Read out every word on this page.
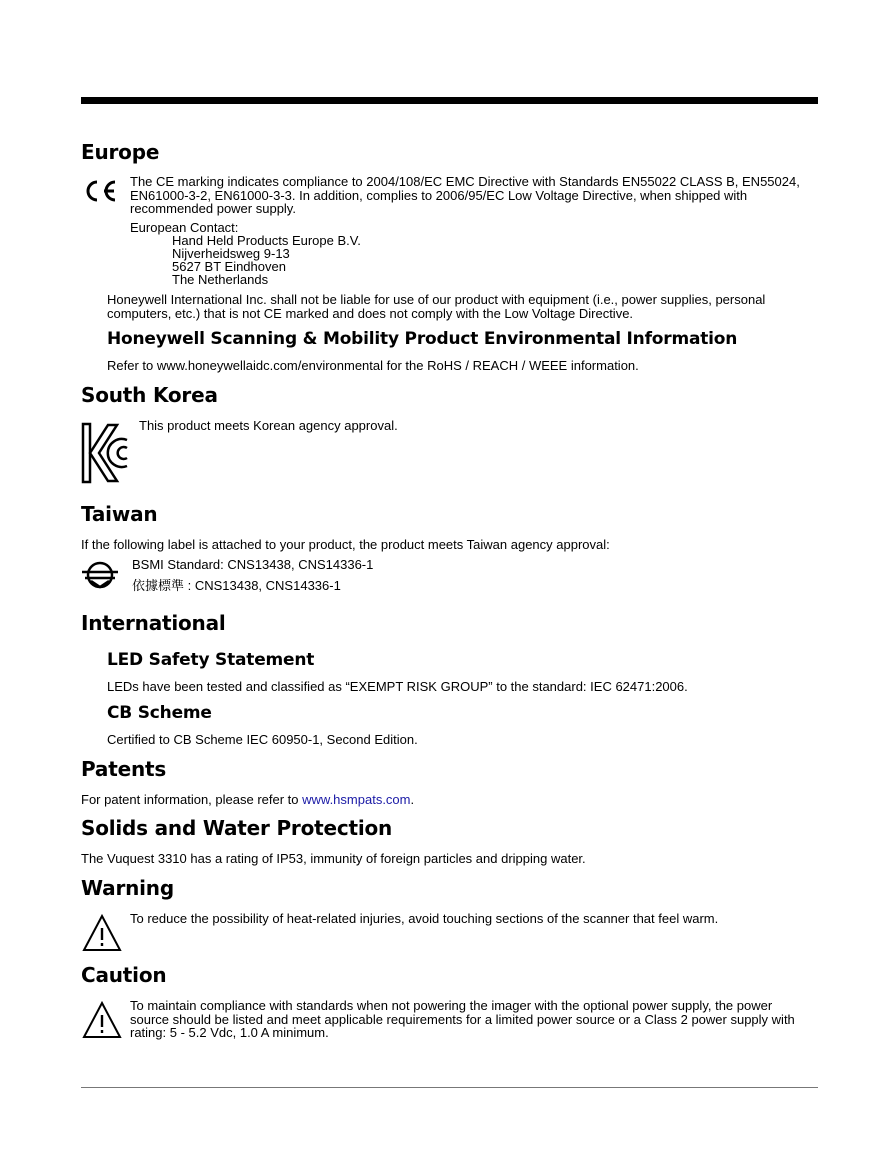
Europe

The CE marking indicates compliance to 2004/108/EC EMC Directive with Standards EN55022 CLASS B, EN55024, EN61000-3-2, EN61000-3-3. In addition, complies to 2006/95/EC Low Voltage Directive, when shipped with recommended power supply.

European Contact:

Hand Held Products Europe B.V.

Nijverheidsweg 9-13

5627 BT Eindhoven

The Netherlands

Honeywell International Inc. shall not be liable for use of our product with equipment (i.e., power supplies, personal computers, etc.) that is not CE marked and does not comply with the Low Voltage Directive.

Honeywell Scanning & Mobility Product Environmental Information

Refer to www.honeywellaidc.com/environmental for the RoHS / REACH / WEEE information.

South Korea

This product meets Korean agency approval.

Taiwan

If the following label is attached to your product, the product meets Taiwan agency approval:

BSMI Standard: CNS13438, CNS14336-1

依據標準 : CNS13438, CNS14336-1

International
LED Safety Statement

LEDs have been tested and classified as “EXEMPT RISK GROUP” to the standard: IEC 62471:2006.

CB Scheme

Certified to CB Scheme IEC 60950-1, Second Edition.

Patents

For patent information, please refer to www.hsmpats.com.

Solids and Water Protection

The Vuquest 3310 has a rating of IP53, immunity of foreign particles and dripping water.

Warning

To reduce the possibility of heat-related injuries, avoid touching sections of the scanner that feel warm.

Caution

To maintain compliance with standards when not powering the imager with the optional power supply, the power source should be listed and meet applicable requirements for a limited power source or a Class 2 power supply with rating: 5 - 5.2 Vdc, 1.0 A minimum.
